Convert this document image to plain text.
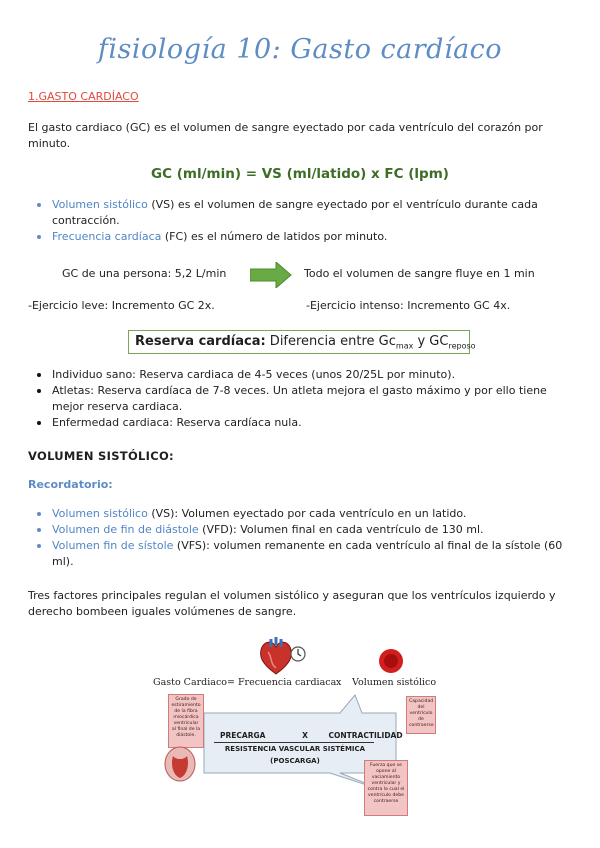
fisiología 10: Gasto cardíaco
1.GASTO CARDÍACO
El gasto cardiaco (GC) es el volumen de sangre eyectado por cada ventrículo del corazón por minuto.
GC (ml/min) = VS (ml/latido) x FC (lpm)
Volumen sistólico (VS) es el volumen de sangre eyectado por el ventrículo durante cada contracción.
Frecuencia cardíaca (FC) es el número de latidos por minuto.
GC de una persona: 5,2 L/min	Todo el volumen de sangre fluye en 1 min
-Ejercicio leve: Incremento GC 2x.	-Ejercicio intenso: Incremento GC 4x.
Reserva cardíaca: Diferencia entre $Gc_{max}$ y $GC_{reposo}$
Individuo sano: Reserva cardiaca de 4-5 veces (unos 20/25L por minuto).
Atletas: Reserva cardíaca de 7-8 veces. Un atleta mejora el gasto máximo y por ello tiene mejor reserva cardiaca.
Enfermedad cardiaca: Reserva cardíaca nula.
VOLUMEN SISTÓLICO:
Recordatorio:
Volumen sistólico (VS): Volumen eyectado por cada ventrículo en un latido.
Volumen de fin de diástole (VFD): Volumen final en cada ventrículo de 130 ml.
Volumen fin de sístole (VFS): volumen remanente en cada ventrículo al final de la sístole (60 ml).
Tres factores principales regulan el volumen sistólico y aseguran que los ventrículos izquierdo y derecho bombeen iguales volúmenes de sangre.
Gasto Cardiaco= Frecuencia cardiaca x Volumen sistólico
PRECARGA	X	CONTRACTILIDAD
RESISTENCIA VASCULAR SISTÉMICA
(POSCARGA)
Grado de estiramiento de la fibra miocárdica ventricular al final de la diástole.
Capacidad del ventrículo de contraerse
Fuerza que se opone al vaciamiento ventricular y contra la cual el ventrículo debe contraerse
